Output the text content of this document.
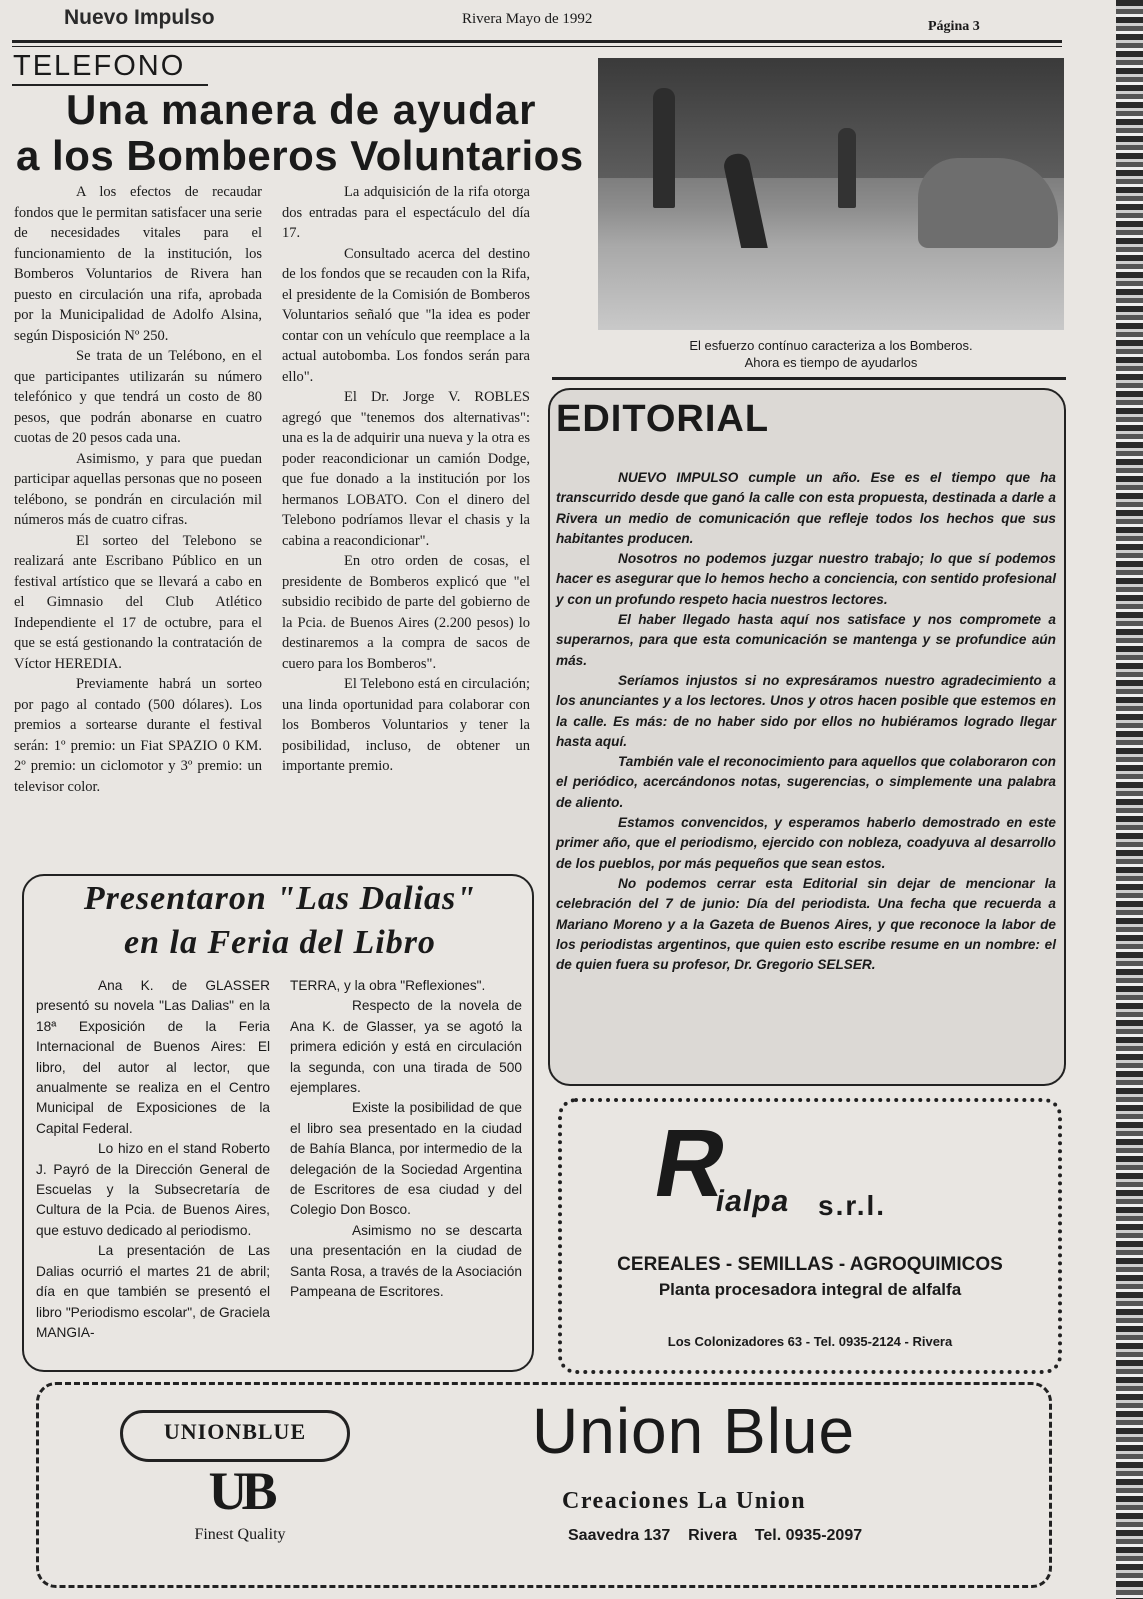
Nuevo Impulso	Rivera Mayo de 1992	Página 3
TELEFONO
Una manera de ayudar
a los Bomberos Voluntarios

A los efectos de recaudar fondos que le permitan satisfacer una serie de necesidades vitales para el funcionamiento de la institución, los Bomberos Voluntarios de Rivera han puesto en circulación una rifa, aprobada por la Municipalidad de Adolfo Alsina, según Disposición Nº 250.

Se trata de un Telébono, en el que participantes utilizarán su número telefónico y que tendrá un costo de 80 pesos, que podrán abonarse en cuatro cuotas de 20 pesos cada una.

Asimismo, y para que puedan participar aquellas personas que no poseen telébono, se pondrán en circulación mil números más de cuatro cifras.

El sorteo del Telebono se realizará ante Escribano Público en un festival artístico que se llevará a cabo en el Gimnasio del Club Atlético Independiente el 17 de octubre, para el que se está gestionando la contratación de Víctor HEREDIA.

Previamente habrá un sorteo por pago al contado (500 dólares). Los premios a sortearse durante el festival serán: 1º premio: un Fiat SPAZIO 0 KM. 2º premio: un ciclomotor y 3º premio: un televisor color.

La adquisición de la rifa otorga dos entradas para el espectáculo del día 17.

Consultado acerca del destino de los fondos que se recauden con la Rifa, el presidente de la Comisión de Bomberos Voluntarios señaló que "la idea es poder contar con un vehículo que reemplace a la actual autobomba. Los fondos serán para ello".

El Dr. Jorge V. ROBLES agregó que "tenemos dos alternativas": una es la de adquirir una nueva y la otra es poder reacondicionar un camión Dodge, que fue donado a la institución por los hermanos LOBATO. Con el dinero del Telebono podríamos llevar el chasis y la cabina a reacondicionar".

En otro orden de cosas, el presidente de Bomberos explicó que "el subsidio recibido de parte del gobierno de la Pcia. de Buenos Aires (2.200 pesos) lo destinaremos a la compra de sacos de cuero para los Bomberos".

El Telebono está en circulación; una linda oportunidad para colaborar con los Bomberos Voluntarios y tener la posibilidad, incluso, de obtener un importante premio.

El esfuerzo contínuo caracteriza a los Bomberos.
Ahora es tiempo de ayudarlos
EDITORIAL

NUEVO IMPULSO cumple un año. Ese es el tiempo que ha transcurrido desde que ganó la calle con esta propuesta, destinada a darle a Rivera un medio de comunicación que refleje todos los hechos que sus habitantes producen.

Nosotros no podemos juzgar nuestro trabajo; lo que sí podemos hacer es asegurar que lo hemos hecho a conciencia, con sentido profesional y con un profundo respeto hacia nuestros lectores.

El haber llegado hasta aquí nos satisface y nos compromete a superarnos, para que esta comunicación se mantenga y se profundice aún más.

Seríamos injustos si no expresáramos nuestro agradecimiento a los anunciantes y a los lectores. Unos y otros hacen posible que estemos en la calle. Es más: de no haber sido por ellos no hubiéramos logrado llegar hasta aquí.

También vale el reconocimiento para aquellos que colaboraron con el periódico, acercándonos notas, sugerencias, o simplemente una palabra de aliento.

Estamos convencidos, y esperamos haberlo demostrado en este primer año, que el periodismo, ejercido con nobleza, coadyuva al desarrollo de los pueblos, por más pequeños que sean estos.

No podemos cerrar esta Editorial sin dejar de mencionar la celebración del 7 de junio: Día del periodista. Una fecha que recuerda a Mariano Moreno y a la Gazeta de Buenos Aires, y que reconoce la labor de los periodistas argentinos, que quien esto escribe resume en un nombre: el de quien fuera su profesor, Dr. Gregorio SELSER.

Presentaron "Las Dalias"
en la Feria del Libro

Ana K. de GLASSER presentó su novela "Las Dalias" en la 18ª Exposición de la Feria Internacional de Buenos Aires: El libro, del autor al lector, que anualmente se realiza en el Centro Municipal de Exposiciones de la Capital Federal.

Lo hizo en el stand Roberto J. Payró de la Dirección General de Escuelas y la Subsecretaría de Cultura de la Pcia. de Buenos Aires, que estuvo dedicado al periodismo.

La presentación de Las Dalias ocurrió el martes 21 de abril; día en que también se presentó el libro "Periodismo escolar", de Graciela MANGIA-

TERRA, y la obra "Reflexiones".

Respecto de la novela de Ana K. de Glasser, ya se agotó la primera edición y está en circulación la segunda, con una tirada de 500 ejemplares.

Existe la posibilidad de que el libro sea presentado en la ciudad de Bahía Blanca, por intermedio de la delegación de la Sociedad Argentina de Escritores de esa ciudad y del Colegio Don Bosco.

Asimismo no se descarta una presentación en la ciudad de Santa Rosa, a través de la Asociación Pampeana de Escritores.

R
ialpa s.r.l.
CEREALES - SEMILLAS - AGROQUIMICOS
Planta procesadora integral de alfalfa
Los Colonizadores 63 - Tel. 0935-2124 - Rivera
UNIONBLUE
UB
Finest Quality
Union Blue
Creaciones La Union
Saavedra 137    Rivera    Tel. 0935-2097
